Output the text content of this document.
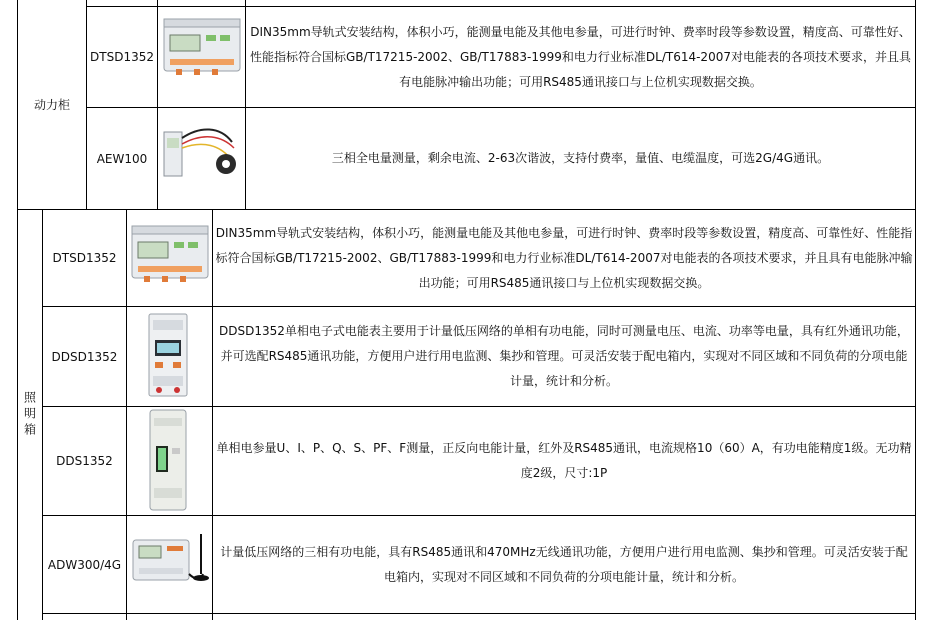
动力柜
DTSD1352
DIN35mm导轨式安装结构，体积小巧，能测量电能及其他电参量，可进行时钟、费率时段等参数设置，精度高、可靠性好、性能指标符合国标GB/T17215-2002、GB/T17883-1999和电力行业标准DL/T614-2007对电能表的各项技术要求，并且具有电能脉冲输出功能；可用RS485通讯接口与上位机实现数据交换。
AEW100	三相全电量测量，剩余电流、2-63次谐波，支持付费率，量值、电缆温度，可选2G/4G通讯。
照明箱
DTSD1352
DIN35mm导轨式安装结构，体积小巧，能测量电能及其他电参量，可进行时钟、费率时段等参数设置，精度高、可靠性好、性能指标符合国标GB/T17215-2002、GB/T17883-1999和电力行业标准DL/T614-2007对电能表的各项技术要求，并且具有电能脉冲输出功能；可用RS485通讯接口与上位机实现数据交换。
DDSD1352
DDSD1352单相电子式电能表主要用于计量低压网络的单相有功电能，同时可测量电压、电流、功率等电量，具有红外通讯功能，并可选配RS485通讯功能，方便用户进行用电监测、集抄和管理。可灵活安装于配电箱内，实现对不同区域和不同负荷的分项电能计量，统计和分析。
DDS1352
单相电参量U、I、P、Q、S、PF、F测量，正反向电能计量，红外及RS485通讯，电流规格10（60）A，有功电能精度1级。无功精度2级，尺寸:1P
ADW300/4G
计量低压网络的三相有功电能，具有RS485通讯和470MHz无线通讯功能，方便用户进行用电监测、集抄和管理。可灵活安装于配电箱内，实现对不同区域和不同负荷的分项电能计量，统计和分析。
